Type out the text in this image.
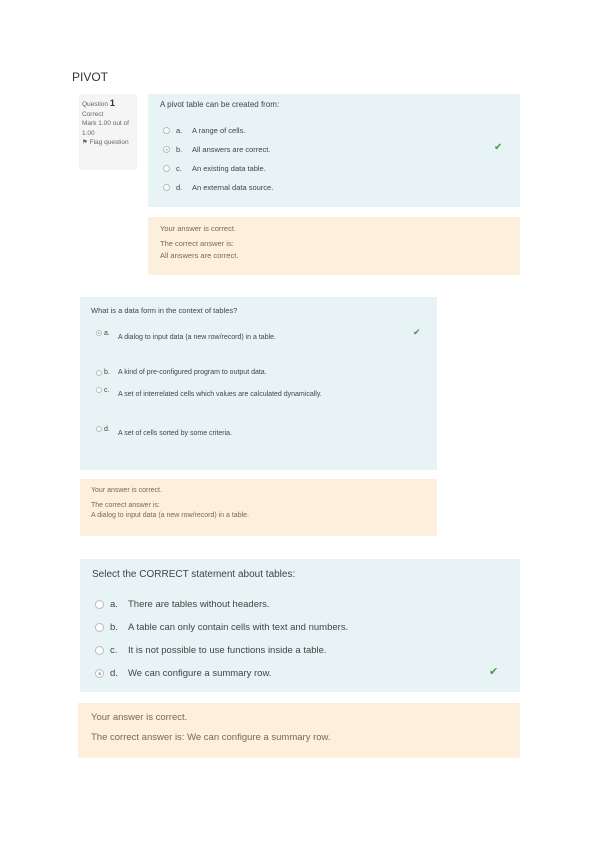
PIVOT
Question 1
Correct
Mark 1.00 out of
1.00
⚑ Flag question
A pivot table can be created from:
a.	A range of cells.
b.	All answers are correct.	✔
c.	An existing data table.
d.	An external data source.
Your answer is correct.
The correct answer is:
All answers are correct.
What is a data form in the context of tables?
a.
A dialog to input data (a new row/record) in a table.
✔
b.	A kind of pre-configured program to output data.
c.
A set of interrelated cells which values are calculated dynamically.
d.
A set of cells sorted by some criteria.
Your answer is correct.
The correct answer is:
A dialog to input data (a new row/record) in a table.
Select the CORRECT statement about tables:
a.	There are tables without headers.
b.	A table can only contain cells with text and numbers.
c.	It is not possible to use functions inside a table.
d.	We can configure a summary row.	✔
Your answer is correct.
The correct answer is: We can configure a summary row.
